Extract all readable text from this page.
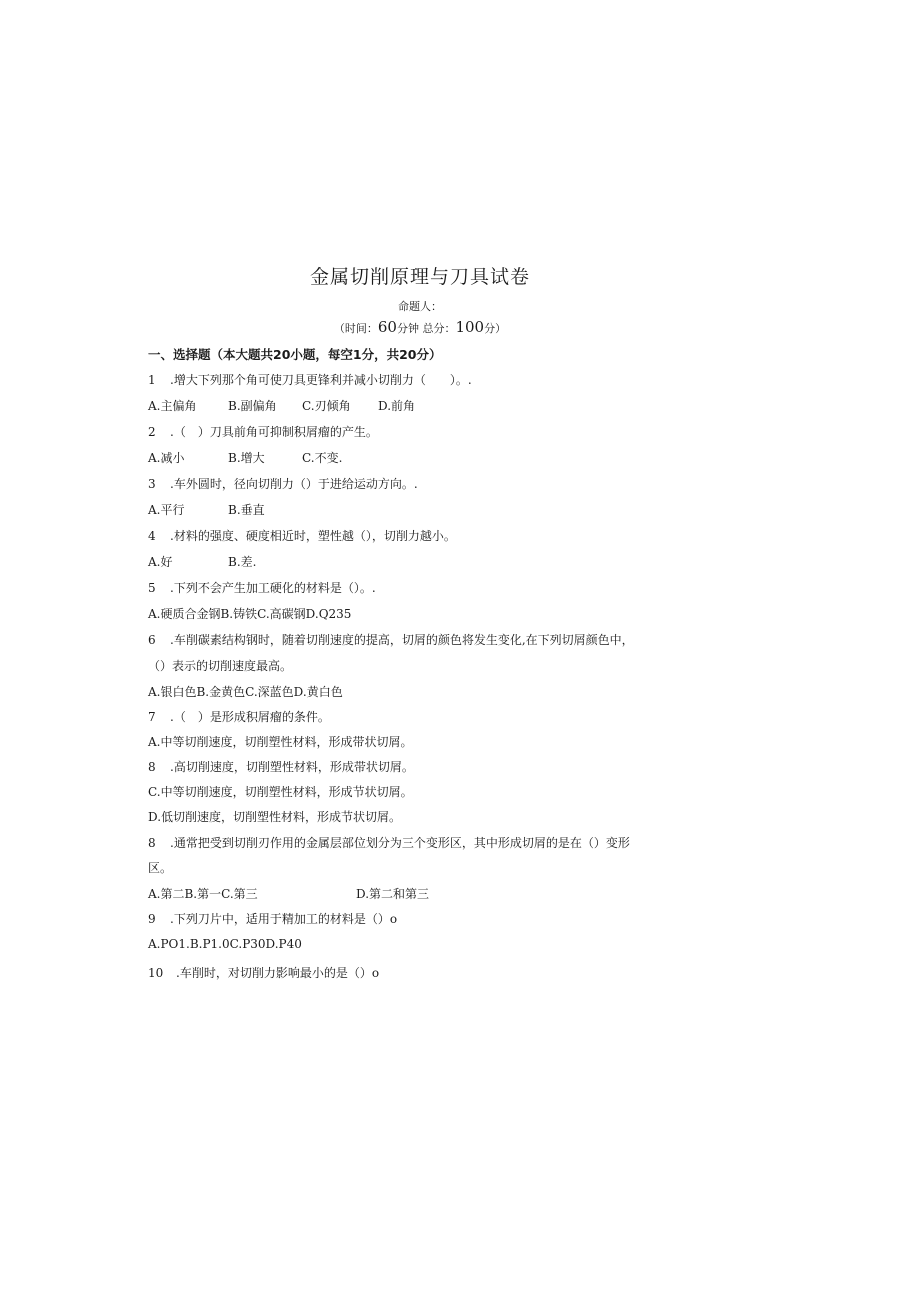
金属切削原理与刀具试卷
命题人：
（时间：60分钟 总分：100分）
一、选择题（本大题共20小题，每空1分，共20分）
1 .增大下列那个角可使刀具更锋利并减小切削力（　　）。.
A.主偏角	B.副偏角 C.刃倾角 D.前角
2 .（　）刀具前角可抑制积屑瘤的产生。
A.减小	B.增大	C.不变.
3 .车外圆时，径向切削力（）于进给运动方向。.
A.平行	B.垂直
4 .材料的强度、硬度相近时，塑性越（），切削力越小。
A.好	B.差.
5 .下列不会产生加工硬化的材料是（）。.
A.硬质合金钢B.铸铁C.高碳钢D.Q235
6 .车削碳素结构钢时，随着切削速度的提高，切屑的颜色将发生变化,在下列切屑颜色中，
（）表示的切削速度最高。
A.银白色B.金黄色C.深蓝色D.黄白色
7 .（　）是形成积屑瘤的条件。
A.中等切削速度，切削塑性材料，形成带状切屑。
8 .高切削速度，切削塑性材料，形成带状切屑。
C.中等切削速度，切削塑性材料，形成节状切屑。
D.低切削速度，切削塑性材料，形成节状切屑。
8 .通常把受到切削刃作用的金属层部位划分为三个变形区，其中形成切屑的是在（）变形
区。
A.第二B.第一C.第三	D.第二和第三
9 .下列刀片中，适用于精加工的材料是（）o
A.PO1.B.P1.0C.P30D.P40
10 .车削时，对切削力影响最小的是（）o
